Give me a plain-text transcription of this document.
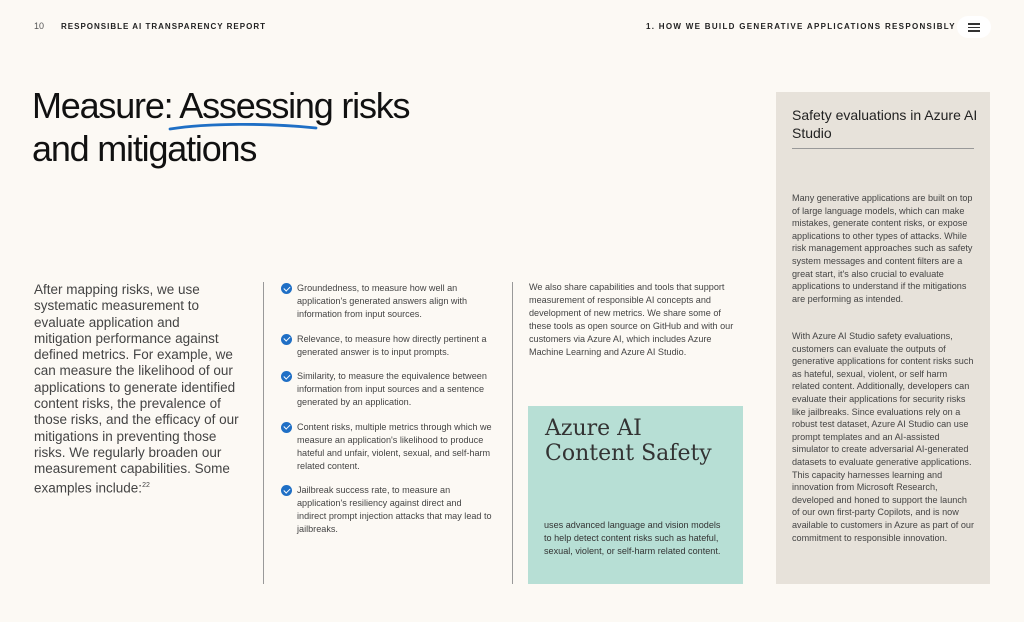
10 RESPONSIBLE AI TRANSPARENCY REPORT	1. HOW WE BUILD GENERATIVE APPLICATIONS RESPONSIBLY
Measure: Assessing risks
and mitigations
After mapping risks, we use systematic measurement to evaluate application and mitigation performance against defined metrics. For example, we can measure the likelihood of our applications to generate identified content risks, the prevalence of those risks, and the efficacy of our mitigations in preventing those risks. We regularly broaden our measurement capabilities. Some examples include:$^{22}$
Groundedness, to measure how well an application's generated answers align with information from input sources.
Relevance, to measure how directly pertinent a generated answer is to input prompts.
Similarity, to measure the equivalence between information from input sources and a sentence generated by an application.
Content risks, multiple metrics through which we measure an application's likelihood to produce hateful and unfair, violent, sexual, and self-harm related content.
Jailbreak success rate, to measure an application's resiliency against direct and indirect prompt injection attacks that may lead to jailbreaks.
We also share capabilities and tools that support measurement of responsible AI concepts and development of new metrics. We share some of these tools as open source on GitHub and with our customers via Azure AI, which includes Azure Machine Learning and Azure AI Studio.
Azure AI Content Safety
uses advanced language and vision models to help detect content risks such as hateful, sexual, violent, or self-harm related content.
Safety evaluations in Azure AI Studio

Many generative applications are built on top of large language models, which can make mistakes, generate content risks, or expose applications to other types of attacks. While risk management approaches such as safety system messages and content filters are a great start, it's also crucial to evaluate applications to understand if the mitigations are performing as intended.

With Azure AI Studio safety evaluations, customers can evaluate the outputs of generative applications for content risks such as hateful, sexual, violent, or self harm related content. Additionally, developers can evaluate their applications for security risks like jailbreaks. Since evaluations rely on a robust test dataset, Azure AI Studio can use prompt templates and an AI-assisted simulator to create adversarial AI-generated datasets to evaluate generative applications. This capacity harnesses learning and innovation from Microsoft Research, developed and honed to support the launch of our own first-party Copilots, and is now available to customers in Azure as part of our commitment to responsible innovation.
